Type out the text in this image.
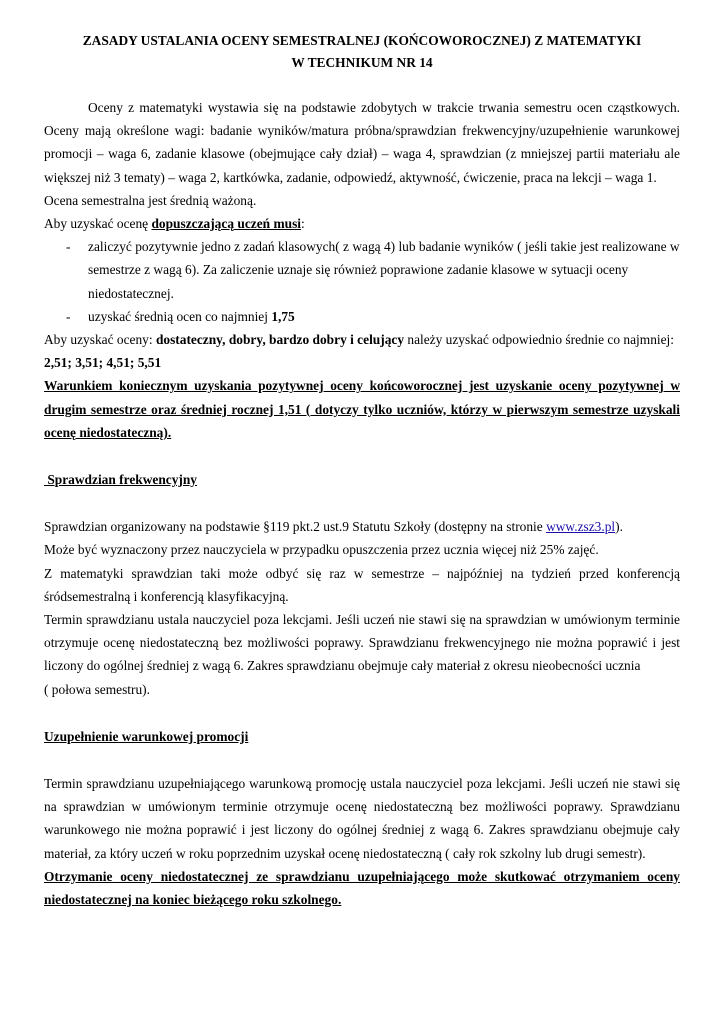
ZASADY USTALANIA OCENY SEMESTRALNEJ (KOŃCOWOROCZNEJ) Z MATEMATYKI

W TECHNIKUM NR 14

Oceny z matematyki wystawia się na podstawie zdobytych w trakcie trwania semestru ocen cząstkowych. Oceny mają określone wagi: badanie wyników/matura próbna/sprawdzian frekwencyjny/uzupełnienie warunkowej promocji – waga 6, zadanie klasowe (obejmujące cały dział) – waga 4, sprawdzian (z mniejszej partii materiału ale większej niż 3 tematy) – waga 2, kartkówka, zadanie, odpowiedź, aktywność, ćwiczenie, praca na lekcji – waga 1.

Ocena semestralna jest średnią ważoną.

Aby uzyskać ocenę dopuszczającą uczeń musi:

- zaliczyć pozytywnie jedno z zadań klasowych( z wagą 4) lub badanie wyników ( jeśli takie jest realizowane w semestrze z wagą 6). Za zaliczenie uznaje się również poprawione zadanie klasowe w sytuacji oceny niedostatecznej.
- uzyskać średnią ocen co najmniej 1,75

Aby uzyskać oceny: dostateczny, dobry, bardzo dobry i celujący należy uzyskać odpowiednio średnie co najmniej:

2,51; 3,51; 4,51; 5,51

Warunkiem koniecznym uzyskania pozytywnej oceny końcoworocznej jest uzyskanie oceny pozytywnej w drugim semestrze oraz średniej rocznej 1,51 ( dotyczy tylko uczniów, którzy w pierwszym semestrze uzyskali ocenę niedostateczną).

Sprawdzian frekwencyjny

Sprawdzian organizowany na podstawie §119 pkt.2 ust.9 Statutu Szkoły (dostępny na stronie www.zsz3.pl).

Może być wyznaczony przez nauczyciela w przypadku opuszczenia przez ucznia więcej niż 25% zajęć.

Z matematyki sprawdzian taki może odbyć się raz w semestrze – najpóźniej na tydzień przed konferencją śródsemestralną i konferencją klasyfikacyjną.

Termin sprawdzianu ustala nauczyciel poza lekcjami. Jeśli uczeń nie stawi się na sprawdzian w umówionym terminie otrzymuje ocenę niedostateczną bez możliwości poprawy. Sprawdzianu frekwencyjnego nie można poprawić i jest liczony do ogólnej średniej z wagą 6. Zakres sprawdzianu obejmuje cały materiał z okresu nieobecności ucznia

( połowa semestru).

Uzupełnienie warunkowej promocji

Termin sprawdzianu uzupełniającego warunkową promocję ustala nauczyciel poza lekcjami. Jeśli uczeń nie stawi się na sprawdzian w umówionym terminie otrzymuje ocenę niedostateczną bez możliwości poprawy. Sprawdzianu warunkowego nie można poprawić i jest liczony do ogólnej średniej z wagą 6. Zakres sprawdzianu obejmuje cały materiał, za który uczeń w roku poprzednim uzyskał ocenę niedostateczną ( cały rok szkolny lub drugi semestr).

Otrzymanie oceny niedostatecznej ze sprawdzianu uzupełniającego może skutkować otrzymaniem oceny niedostatecznej na koniec bieżącego roku szkolnego.
